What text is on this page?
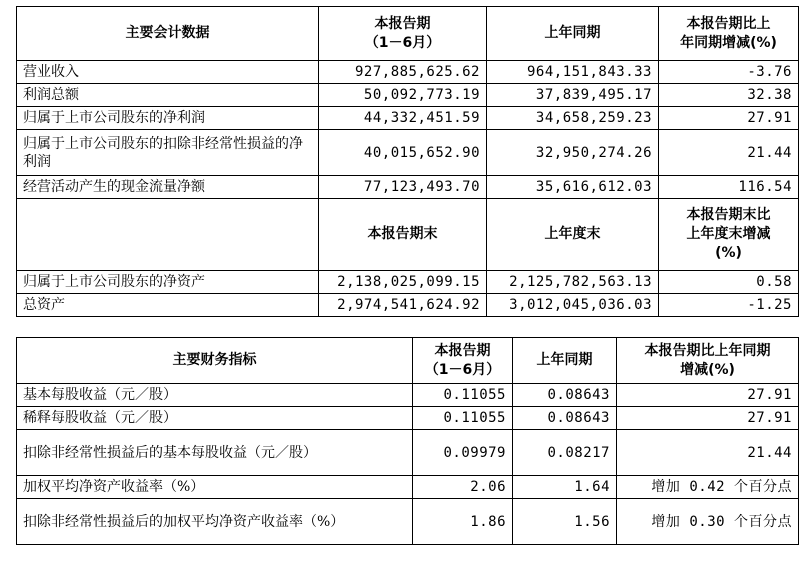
主要会计数据	本报告期
（1－6月）	上年同期	本报告期比上
年同期增减(%)
营业收入	927,885,625.62	964,151,843.33	-3.76
利润总额	50,092,773.19	37,839,495.17	32.38
归属于上市公司股东的净利润	44,332,451.59	34,658,259.23	27.91
归属于上市公司股东的扣除非经常性损益的净利润	40,015,652.90	32,950,274.26	21.44
经营活动产生的现金流量净额	77,123,493.70	35,616,612.03	116.54
	本报告期末	上年度末	本报告期末比
上年度末增减
(%)
归属于上市公司股东的净资产	2,138,025,099.15	2,125,782,563.13	0.58
总资产	2,974,541,624.92	3,012,045,036.03	-1.25
主要财务指标	本报告期
（1－6月）	上年同期	本报告期比上年同期
增减(%)
基本每股收益（元／股）	0.11055	0.08643	27.91
稀释每股收益（元／股）	0.11055	0.08643	27.91
扣除非经常性损益后的基本每股收益（元／股）	0.09979	0.08217	21.44
加权平均净资产收益率（%）	2.06	1.64	增加 0.42 个百分点
扣除非经常性损益后的加权平均净资产收益率（%）	1.86	1.56	增加 0.30 个百分点
